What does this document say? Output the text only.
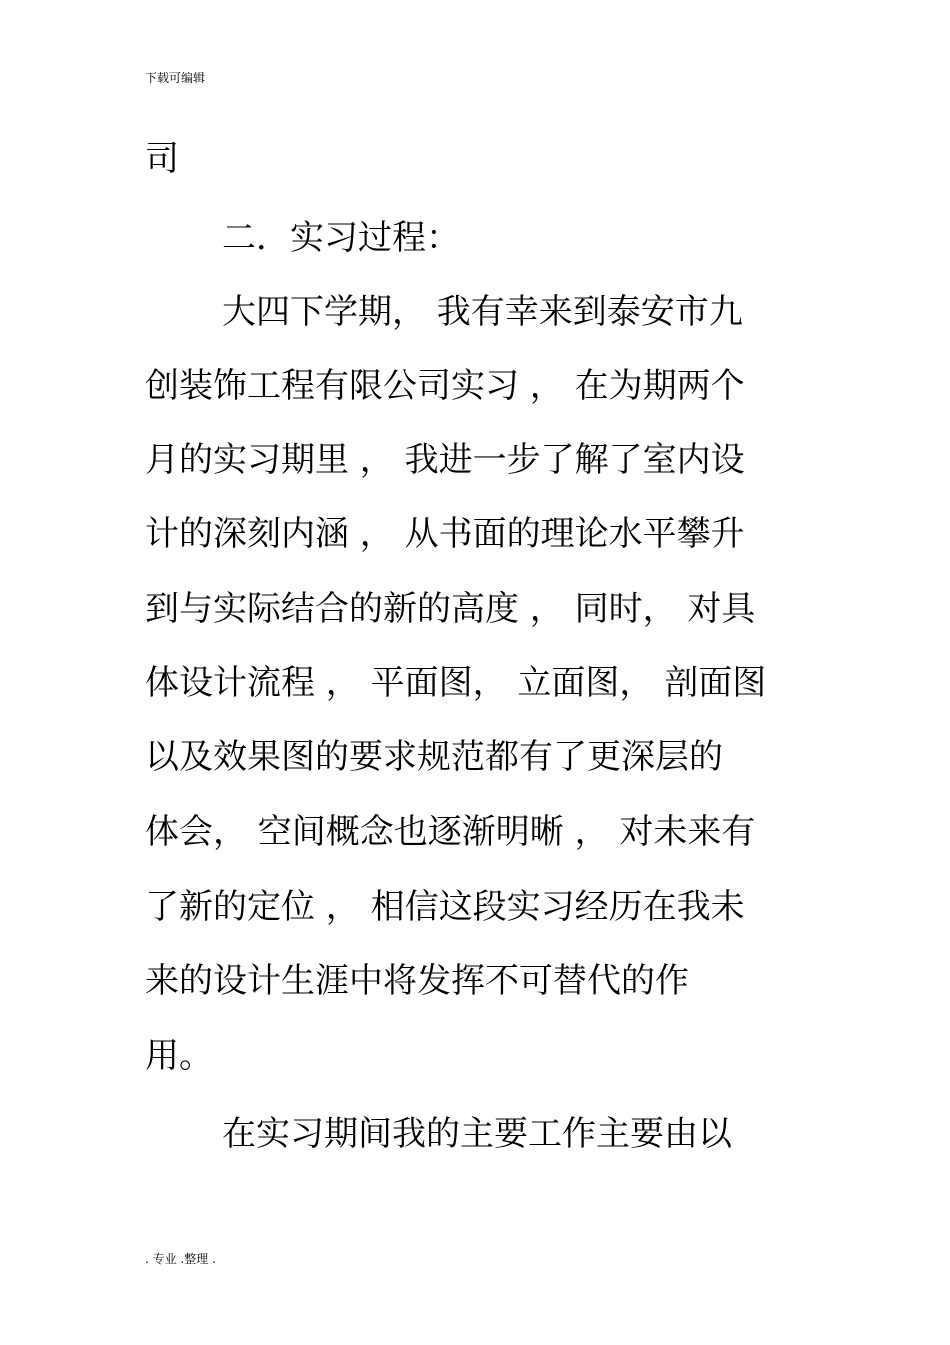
下载可编辑
司
二．实习过程：
大四下学期， 我有幸来到泰安市九
创装饰工程有限公司实习 ， 在为期两个
月的实习期里 ， 我进一步了解了室内设
计的深刻内涵 ， 从书面的理论水平攀升
到与实际结合的新的高度 ， 同时， 对具
体设计流程 ， 平面图， 立面图， 剖面图
以及效果图的要求规范都有了更深层的
体会， 空间概念也逐渐明晰 ， 对未来有
了新的定位 ， 相信这段实习经历在我未
来的设计生涯中将发挥不可替代的作
用。
在实习期间我的主要工作主要由以
. 专业 .整理 .
